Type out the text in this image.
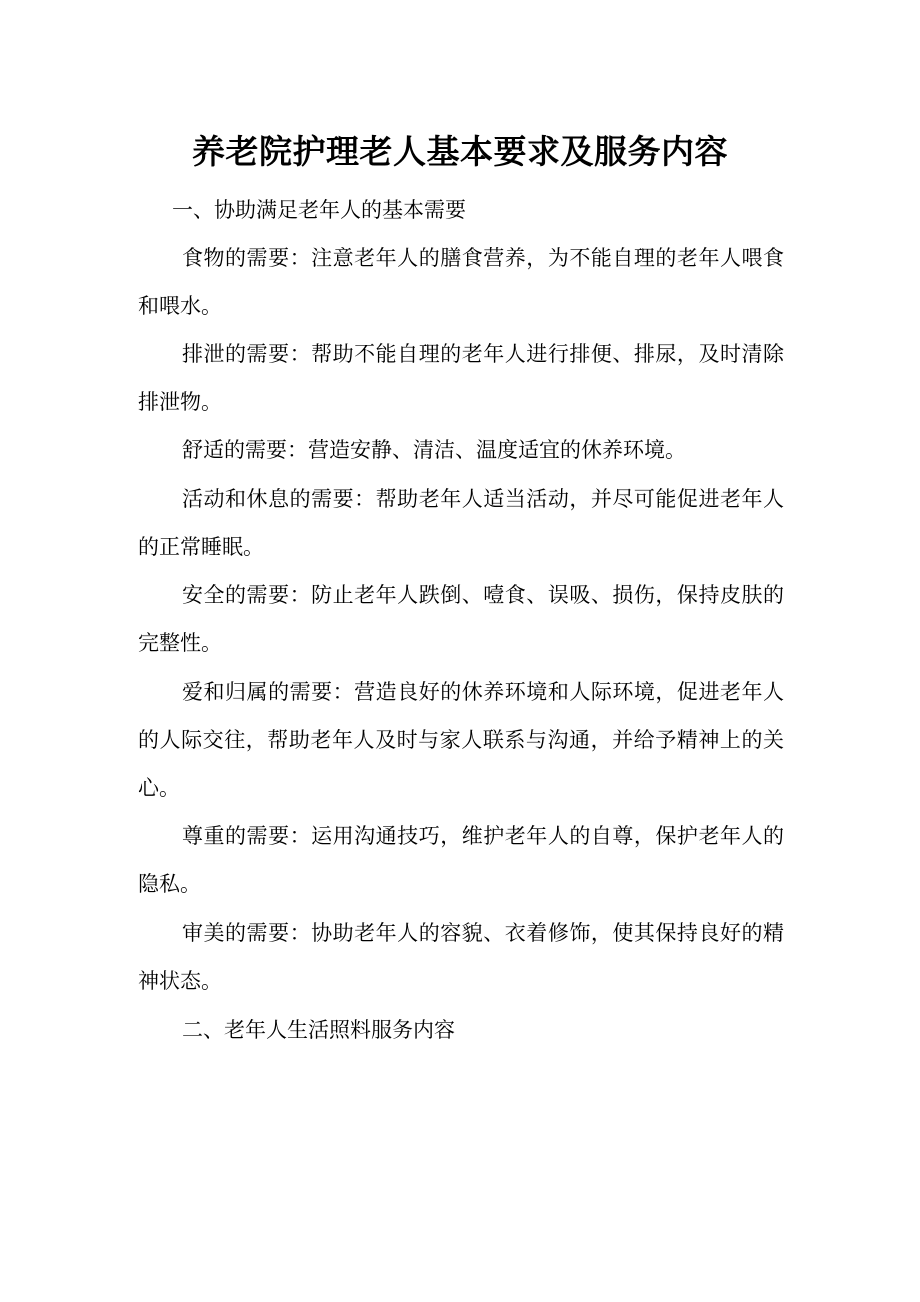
养老院护理老人基本要求及服务内容

一、协助满足老年人的基本需要

食物的需要：注意老年人的膳食营养，为不能自理的老年人喂食和喂水。

排泄的需要：帮助不能自理的老年人进行排便、排尿，及时清除排泄物。

舒适的需要：营造安静、清洁、温度适宜的休养环境。

活动和休息的需要：帮助老年人适当活动，并尽可能促进老年人的正常睡眠。

安全的需要：防止老年人跌倒、噎食、误吸、损伤，保持皮肤的完整性。

爱和归属的需要：营造良好的休养环境和人际环境，促进老年人的人际交往，帮助老年人及时与家人联系与沟通，并给予精神上的关心。

尊重的需要：运用沟通技巧，维护老年人的自尊，保护老年人的隐私。

审美的需要：协助老年人的容貌、衣着修饰，使其保持良好的精神状态。

二、老年人生活照料服务内容
